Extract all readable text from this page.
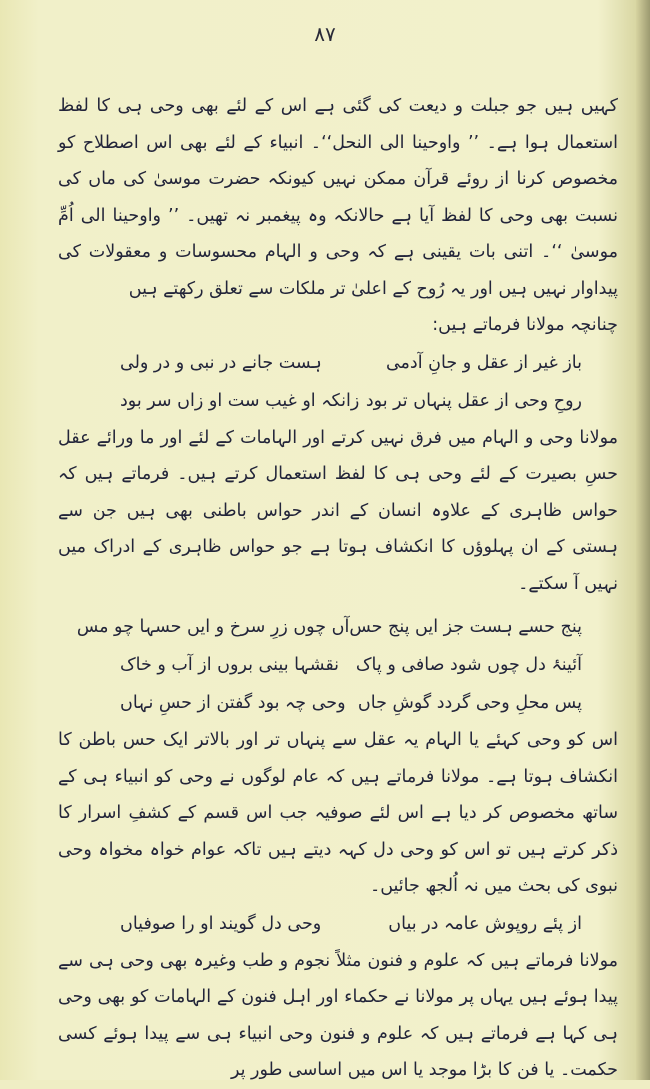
٨٧

کہیں ہیں جو جبلت و دیعت کی گئی ہے اس کے لئے بھی وحی ہی کا لفظ استعمال ہوا ہے۔ ’’ واوحینا الی النحل‘‘۔ انبیاء کے لئے بھی اس اصطلاح کو مخصوص کرنا از روئے قرآن ممکن نہیں کیونکہ حضرت موسیٰ کی ماں کی نسبت بھی وحی کا لفظ آیا ہے حالانکہ وہ پیغمبر نہ تھیں۔ ’’ واوحینا الی اُمِّ موسیٰ ‘‘۔ اتنی بات یقینی ہے کہ وحی و الہام محسوسات و معقولات کی پیداوار نہیں ہیں اور یہ رُوح کے اعلیٰ تر ملکات سے تعلق رکھتے ہیں

چنانچہ مولانا فرماتے ہیں:

باز غیر از عقل و جانِ آدمی
ہست جانے در نبی و در ولی
روحِ وحی از عقل پنہاں تر بود
زانکہ او غیب ست او زاں سر بود

مولانا وحی و الہام میں فرق نہیں کرتے اور الہامات کے لئے اور ما ورائے عقل حسِ بصیرت کے لئے وحی ہی کا لفظ استعمال کرتے ہیں۔ فرماتے ہیں کہ حواس ظاہری کے علاوہ انسان کے اندر حواس باطنی بھی ہیں جن سے ہستی کے ان پہلوؤں کا انکشاف ہوتا ہے جو حواس ظاہری کے ادراک میں نہیں آ سکتے۔

پنج حسے ہست جز ایں پنج حس
آں چوں زرِ سرخ و ایں حسہا چو مس
آئینۂ دل چوں شود صافی و پاک
نقشہا بینی بروں از آب و خاک
پس محلِ وحی گردد گوشِ جاں
وحی چہ بود گفتن از حسِ نہاں

اس کو وحی کہئے یا الہام یہ عقل سے پنہاں تر اور بالاتر ایک حس باطن کا انکشاف ہوتا ہے۔ مولانا فرماتے ہیں کہ عام لوگوں نے وحی کو انبیاء ہی کے ساتھ مخصوص کر دیا ہے اس لئے صوفیہ جب اس قسم کے کشفِ اسرار کا ذکر کرتے ہیں تو اس کو وحی دل کہہ دیتے ہیں تاکہ عوام خواہ مخواہ وحی نبوی کی بحث میں نہ اُلجھ جائیں۔

از پئے روپوش عامہ در بیاں
وحی دل گویند او را صوفیاں

مولانا فرماتے ہیں کہ علوم و فنون مثلاً نجوم و طب وغیرہ بھی وحی ہی سے پیدا ہوئے ہیں یہاں پر مولانا نے حکماء اور اہل فنون کے الہامات کو بھی وحی ہی کہا ہے فرماتے ہیں کہ علوم و فنون وحی انبیاء ہی سے پیدا ہوئے کسی حکمت۔ یا فن کا بڑا موجد یا اس میں اساسی طور پر
